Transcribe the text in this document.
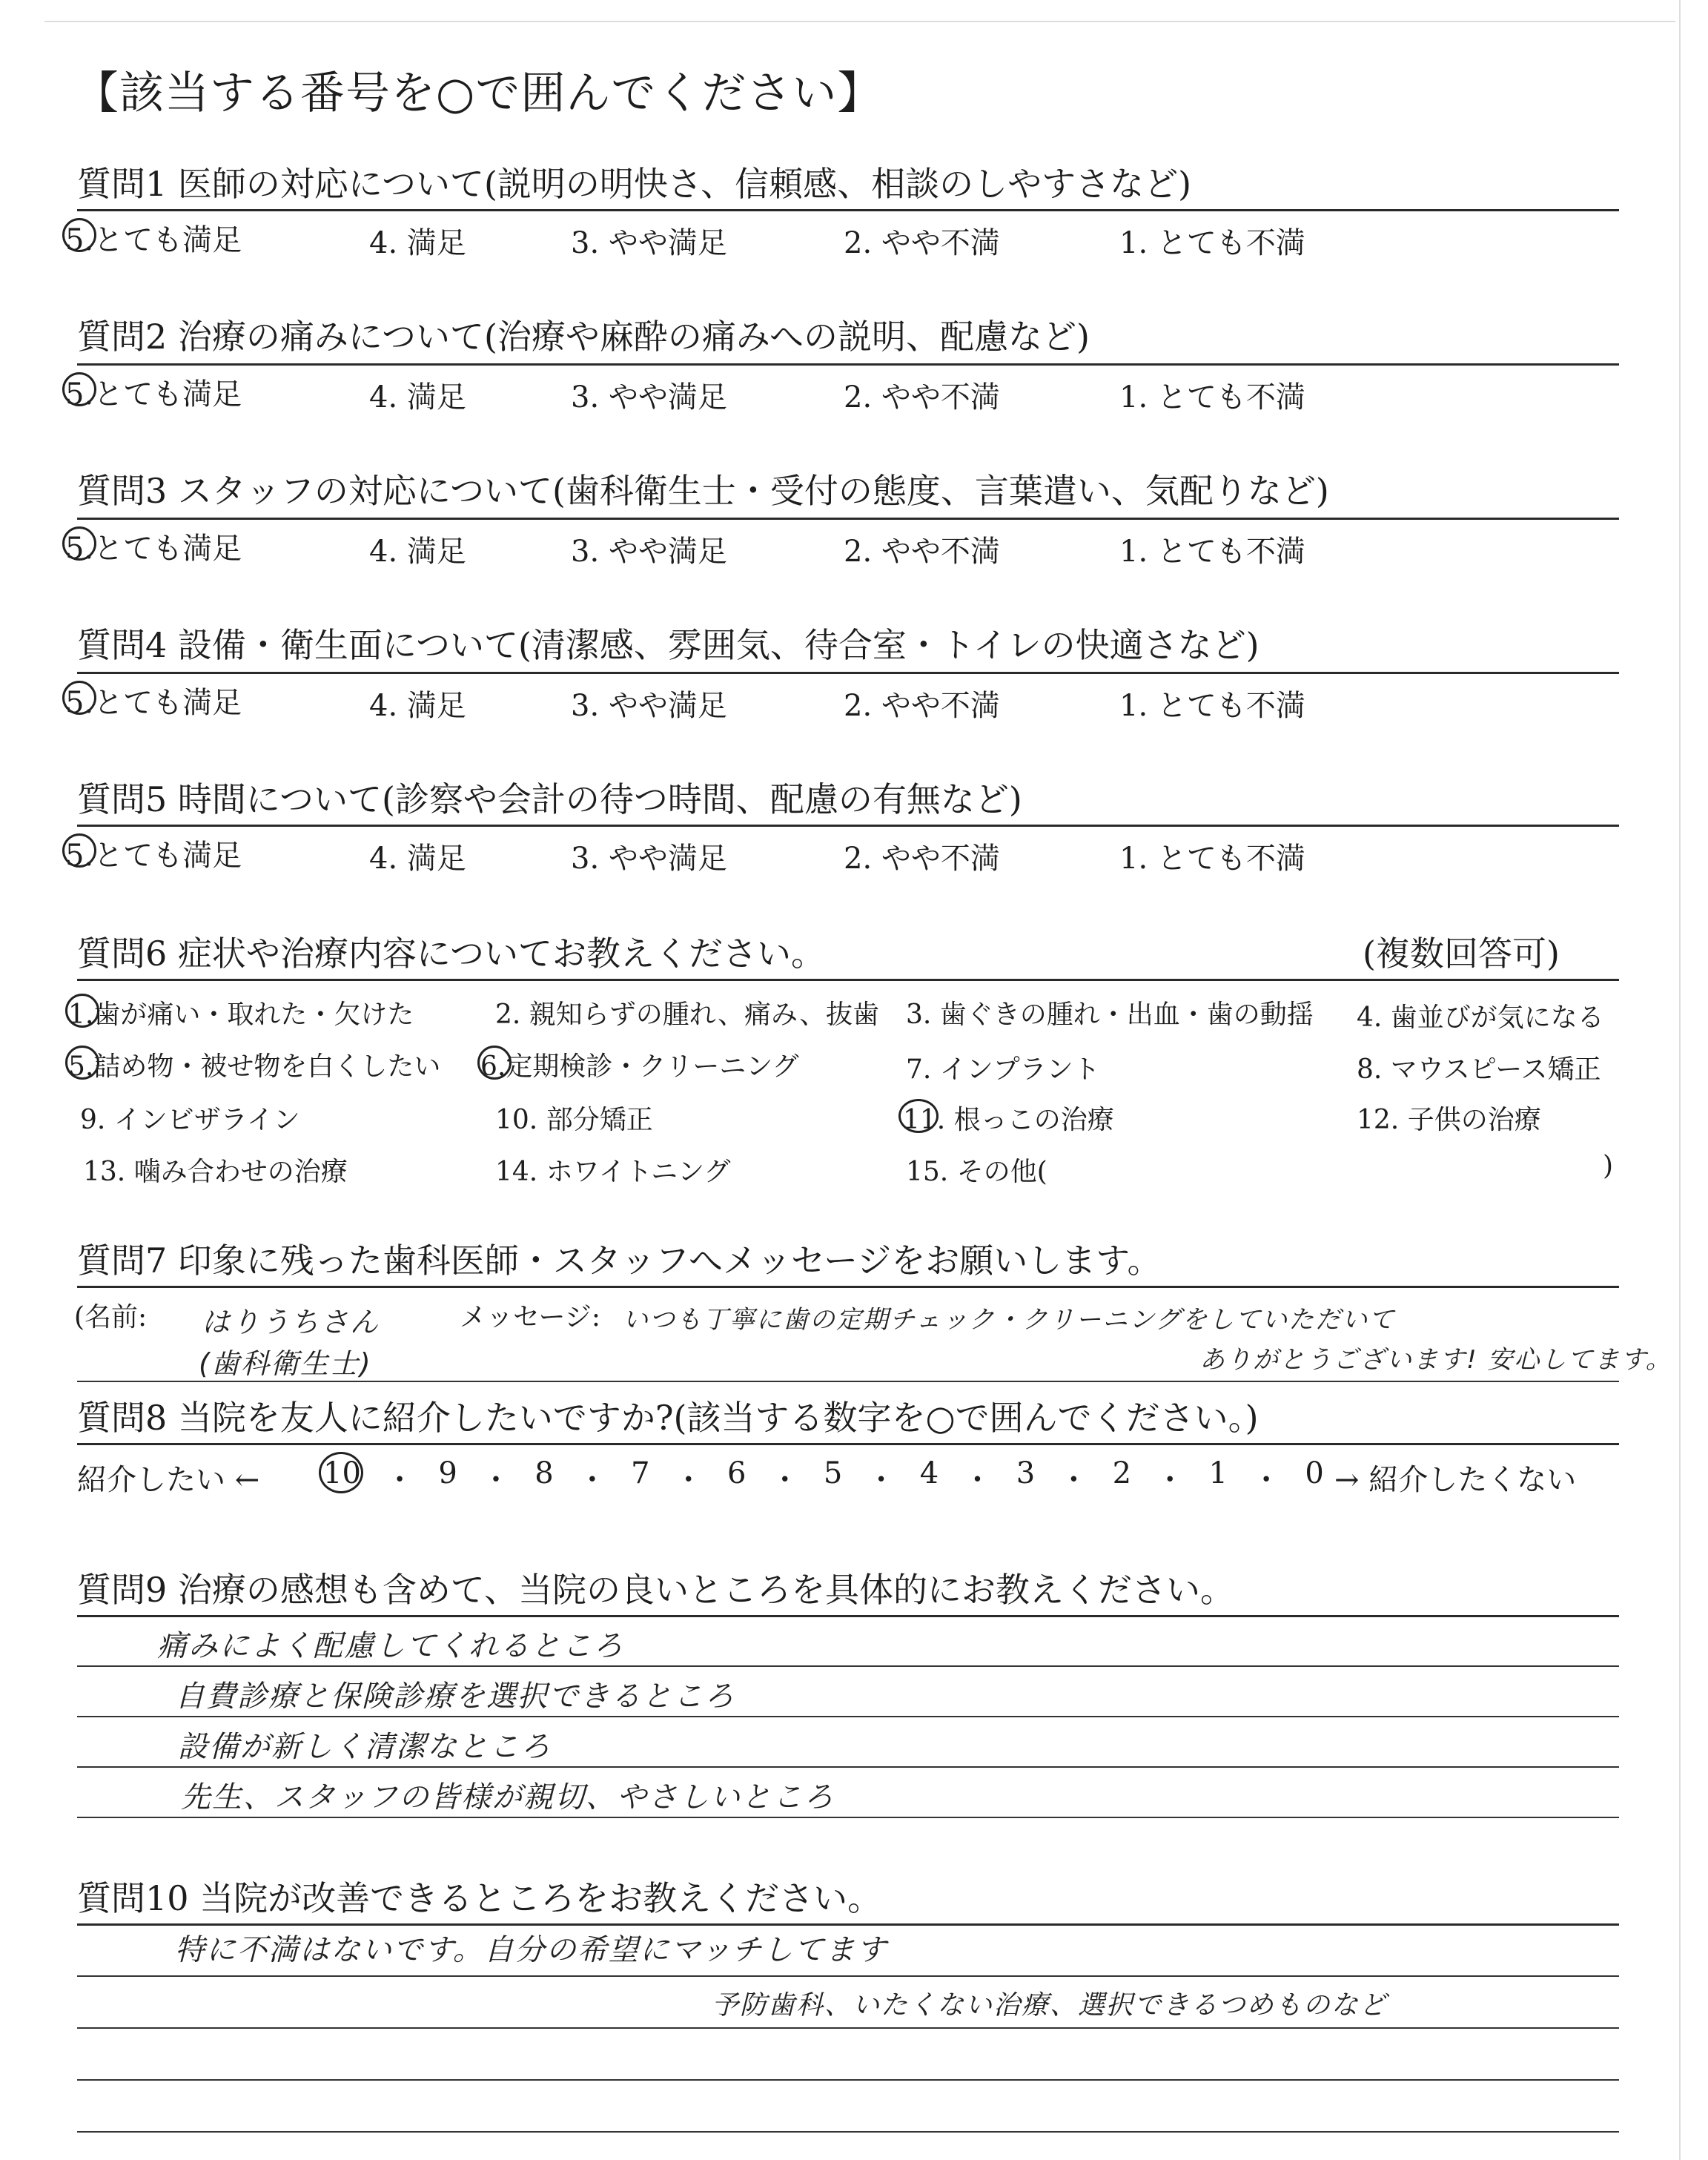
【該当する番号を○で囲んでください】
質問1 医師の対応について(説明の明快さ、信頼感、相談のしやすさなど)
5.とても満足	4. 満足	3. やや満足	2. やや不満	1. とても不満
質問2 治療の痛みについて(治療や麻酔の痛みへの説明、配慮など)
5.とても満足	4. 満足	3. やや満足	2. やや不満	1. とても不満
質問3 スタッフの対応について(歯科衛生士・受付の態度、言葉遣い、気配りなど)
5.とても満足	4. 満足	3. やや満足	2. やや不満	1. とても不満
質問4 設備・衛生面について(清潔感、雰囲気、待合室・トイレの快適さなど)
5.とても満足	4. 満足	3. やや満足	2. やや不満	1. とても不満
質問5 時間について(診察や会計の待つ時間、配慮の有無など)
5.とても満足	4. 満足	3. やや満足	2. やや不満	1. とても不満
質問6 症状や治療内容についてお教えください。	(複数回答可)
1.歯が痛い・取れた・欠けた	2. 親知らずの腫れ、痛み、抜歯 3. 歯ぐきの腫れ・出血・歯の動揺 4. 歯並びが気になる
5.詰め物・被せ物を白くしたい 6.定期検診・クリーニング	7. インプラント	8. マウスピース矯正
9. インビザライン	10. 部分矯正	11. 根っこの治療	12. 子供の治療
13. 噛み合わせの治療	14. ホワイトニング	15. その他(	)
質問7 印象に残った歯科医師・スタッフへメッセージをお願いします。
(名前: はりうちさん
(歯科衛生士)
メッセージ: いつも丁寧に歯の定期チェック・クリーニングをしていただいて
ありがとうございます! 安心してます。
質問8 当院を友人に紹介したいですか?(該当する数字を○で囲んでください。)
紹介したい ← 10 ・ 9 ・ 8 ・ 7 ・ 6 ・ 5 ・ 4 ・ 3 ・ 2 ・ 1 ・ 0 → 紹介したくない
質問9 治療の感想も含めて、当院の良いところを具体的にお教えください。
痛みによく配慮してくれるところ
自費診療と保険診療を選択できるところ
設備が新しく清潔なところ
先生、スタッフの皆様が親切、やさしいところ
質問10 当院が改善できるところをお教えください。
特に不満はないです。自分の希望にマッチしてます
予防歯科、いたくない治療、選択できるつめものなど
